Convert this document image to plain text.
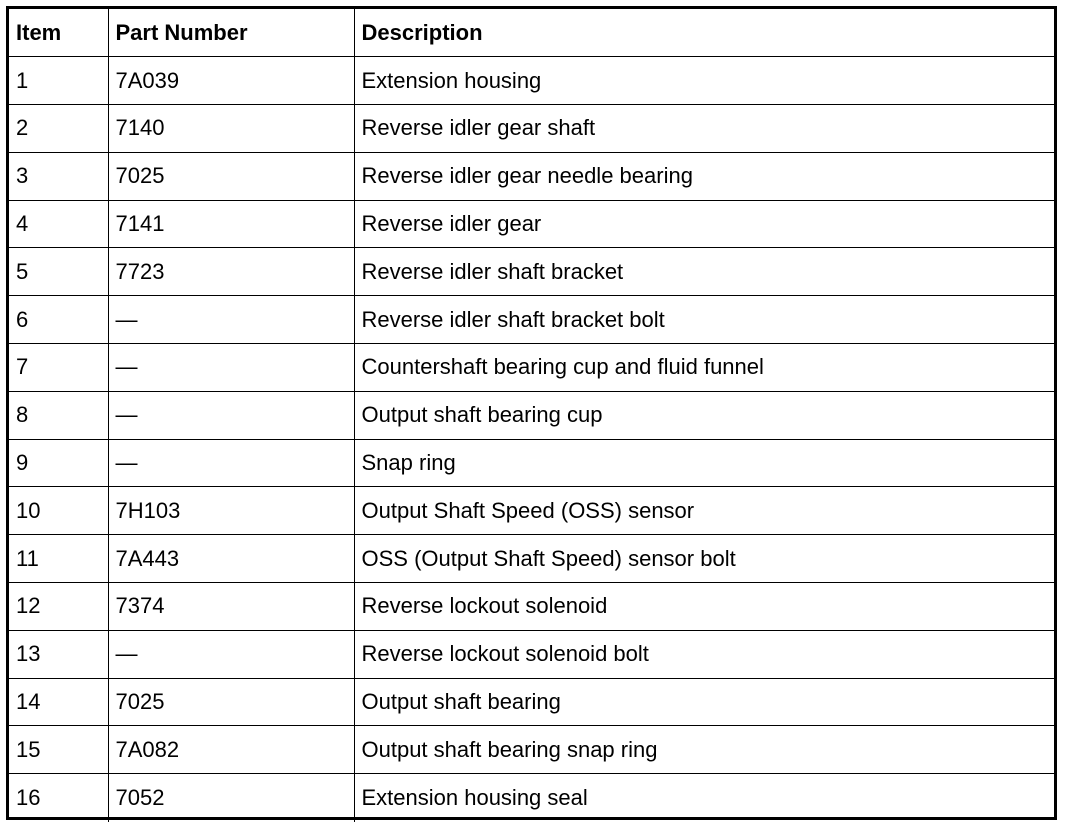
Item	Part Number	Description
1	7A039	Extension housing
2	7140	Reverse idler gear shaft
3	7025	Reverse idler gear needle bearing
4	7141	Reverse idler gear
5	7723	Reverse idler shaft bracket
6	—	Reverse idler shaft bracket bolt
7	—	Countershaft bearing cup and fluid funnel
8	—	Output shaft bearing cup
9	—	Snap ring
10	7H103	Output Shaft Speed (OSS) sensor
11	7A443	OSS (Output Shaft Speed) sensor bolt
12	7374	Reverse lockout solenoid
13	—	Reverse lockout solenoid bolt
14	7025	Output shaft bearing
15	7A082	Output shaft bearing snap ring
16	7052	Extension housing seal
